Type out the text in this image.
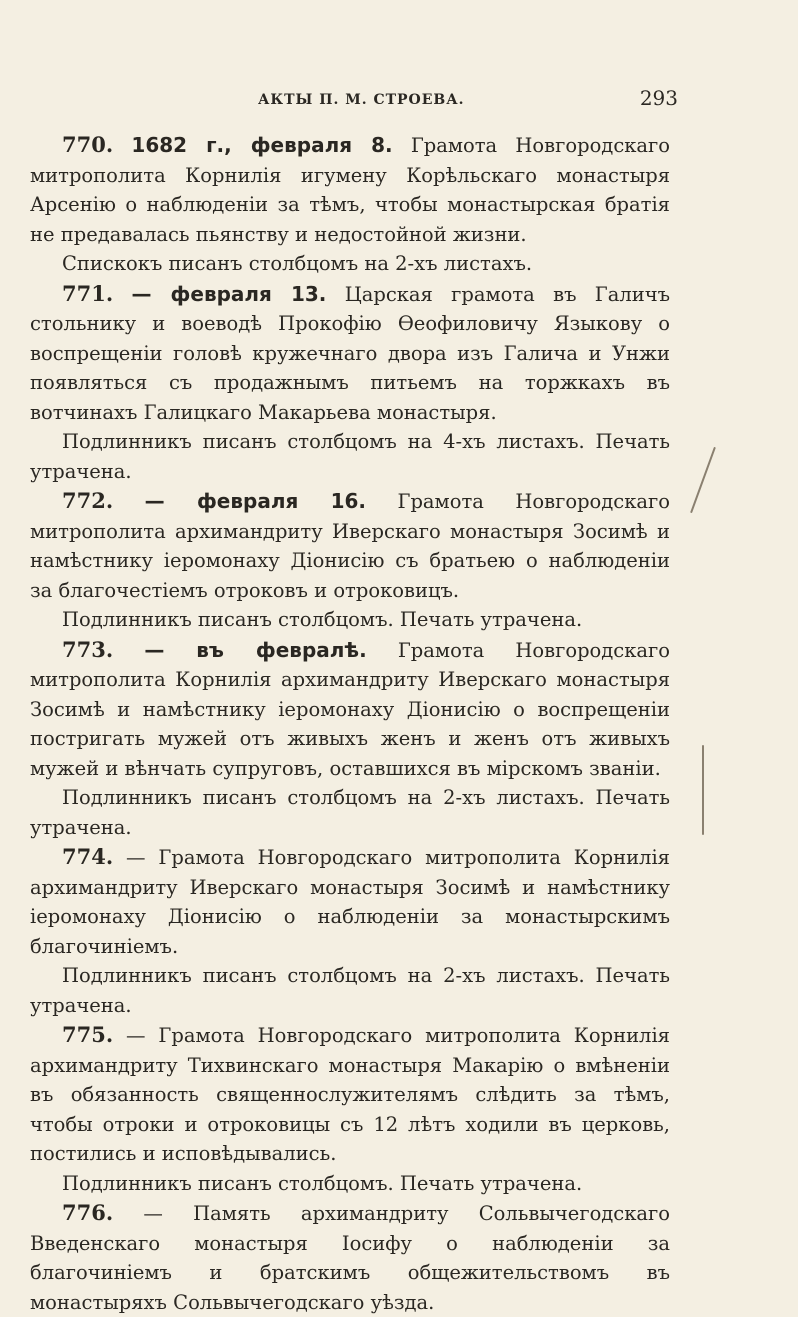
АКТЫ П. М. СТРОЕВА.	293

770. 1682 г., февраля 8. Грамота Новгородскаго митрополита Корнилія игумену Корѣльскаго монастыря Арсенію о наблюденіи за тѣмъ, чтобы монастырская братія не предавалась пьянству и недостойной жизни.

Спискокъ писанъ столбцомъ на 2-хъ листахъ.

771. — февраля 13. Царская грамота въ Галичъ стольнику и воеводѣ Прокофію Ѳеофиловичу Языкову о воспрещеніи головѣ кружечнаго двора изъ Галича и Унжи появляться съ продажнымъ питьемъ на торжкахъ въ вотчинахъ Галицкаго Макарьева монастыря.

Подлинникъ писанъ столбцомъ на 4-хъ листахъ. Печать утрачена.

772. — февраля 16. Грамота Новгородскаго митрополита архимандриту Иверскаго монастыря Зосимѣ и намѣстнику іеромонаху Діонисію съ братьею о наблюденіи за благочестіемъ отроковъ и отроковицъ.

Подлинникъ писанъ столбцомъ. Печать утрачена.

773. — въ февралѣ. Грамота Новгородскаго митрополита Корнилія архимандриту Иверскаго монастыря Зосимѣ и намѣстнику іеромонаху Діонисію о воспрещеніи постригать мужей отъ живыхъ женъ и женъ отъ живыхъ мужей и вѣнчать супруговъ, оставшихся въ мірскомъ званіи.

Подлинникъ писанъ столбцомъ на 2-хъ листахъ. Печать утрачена.

774. — Грамота Новгородскаго митрополита Корнилія архимандриту Иверскаго монастыря Зосимѣ и намѣстнику іеромонаху Діонисію о наблюденіи за монастырскимъ благочиніемъ.

Подлинникъ писанъ столбцомъ на 2-хъ листахъ. Печать утрачена.

775. — Грамота Новгородскаго митрополита Корнилія архимандриту Тихвинскаго монастыря Макарію о вмѣненіи въ обязанность священнослужителямъ слѣдить за тѣмъ, чтобы отроки и отроковицы съ 12 лѣтъ ходили въ церковь, постились и исповѣдывались.

Подлинникъ писанъ столбцомъ. Печать утрачена.

776. — Память архимандриту Сольвычегодскаго Введенскаго монастыря Іосифу о наблюденіи за благочиніемъ и братскимъ общежительствомъ въ монастыряхъ Сольвычегодскаго уѣзда.
